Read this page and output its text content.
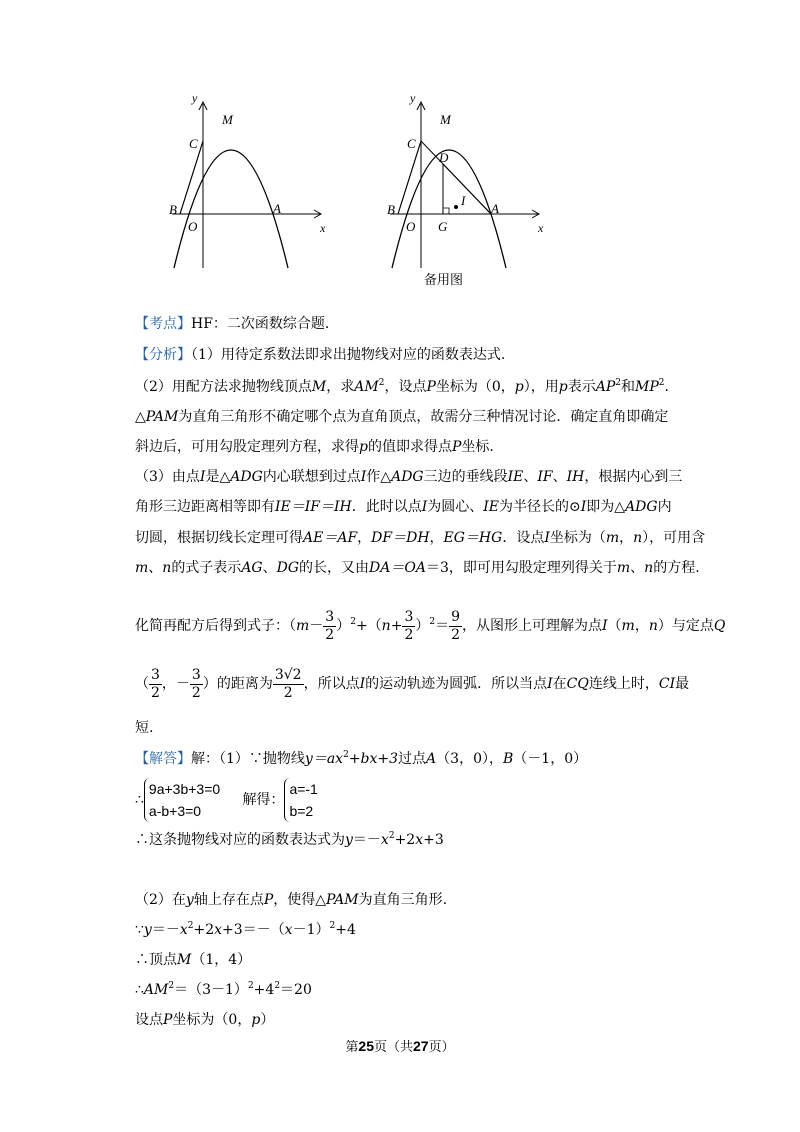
y
x
M
C
B
O
A
y
x
M
C
B
O
A
D
I
G
备用图
【考点】HF：二次函数综合题.
【分析】（1）用待定系数法即求出抛物线对应的函数表达式.
（2）用配方法求抛物线顶点M，求$AM^2$，设点P坐标为（0，p），用p表示$AP^2$和$MP^2$.
△PAM为直角三角形不确定哪个点为直角顶点，故需分三种情况讨论．确定直角即确定
斜边后，可用勾股定理列方程，求得p的值即求得点P坐标.
（3）由点I是△ADG内心联想到过点I作△ADG三边的垂线段IE、IF、IH，根据内心到三
角形三边距离相等即有IE＝IF＝IH．此时以点I为圆心、IE为半径长的⊙I即为△ADG内
切圆，根据切线长定理可得AE＝AF，DF＝DH，EG＝HG．设点I坐标为（m，n），可用含
m、n的式子表示AG、DG的长，又由DA＝OA＝3，即可用勾股定理列得关于m、n的方程.
化简再配方后得到式子：$(m- \frac{3}{2} )^2+(n+ \frac{3}{2} )^2= \frac{9}{2}$ ，从图形上可理解为点I（m，n）与定点Q
（ $\frac{3}{2}$ ，－ $\frac{3}{2}$ ）的距离为 $\frac{3√2}{2}$ ，所以点I的运动轨迹为圆弧．所以当点I在CQ连线上时，CI最
短.
【解答】解：（1）∵抛物线$y=ax^2+bx+3$过点A（3，0），B（－1，0）
∴
9a+3b+3=0
a-b+3=0
解得：
a=-1
b=2
∴这条抛物线对应的函数表达式为$y=-x^2+2x+3$
（2）在y轴上存在点P，使得△PAM为直角三角形.
$\because y=-x^2+2x+3=-(x-1)^2+4$
∴顶点M（1，4）
$\therefore AM^2=(3-1)^2+4^2=20$
设点P坐标为（0，p）
第25页（共27页）
